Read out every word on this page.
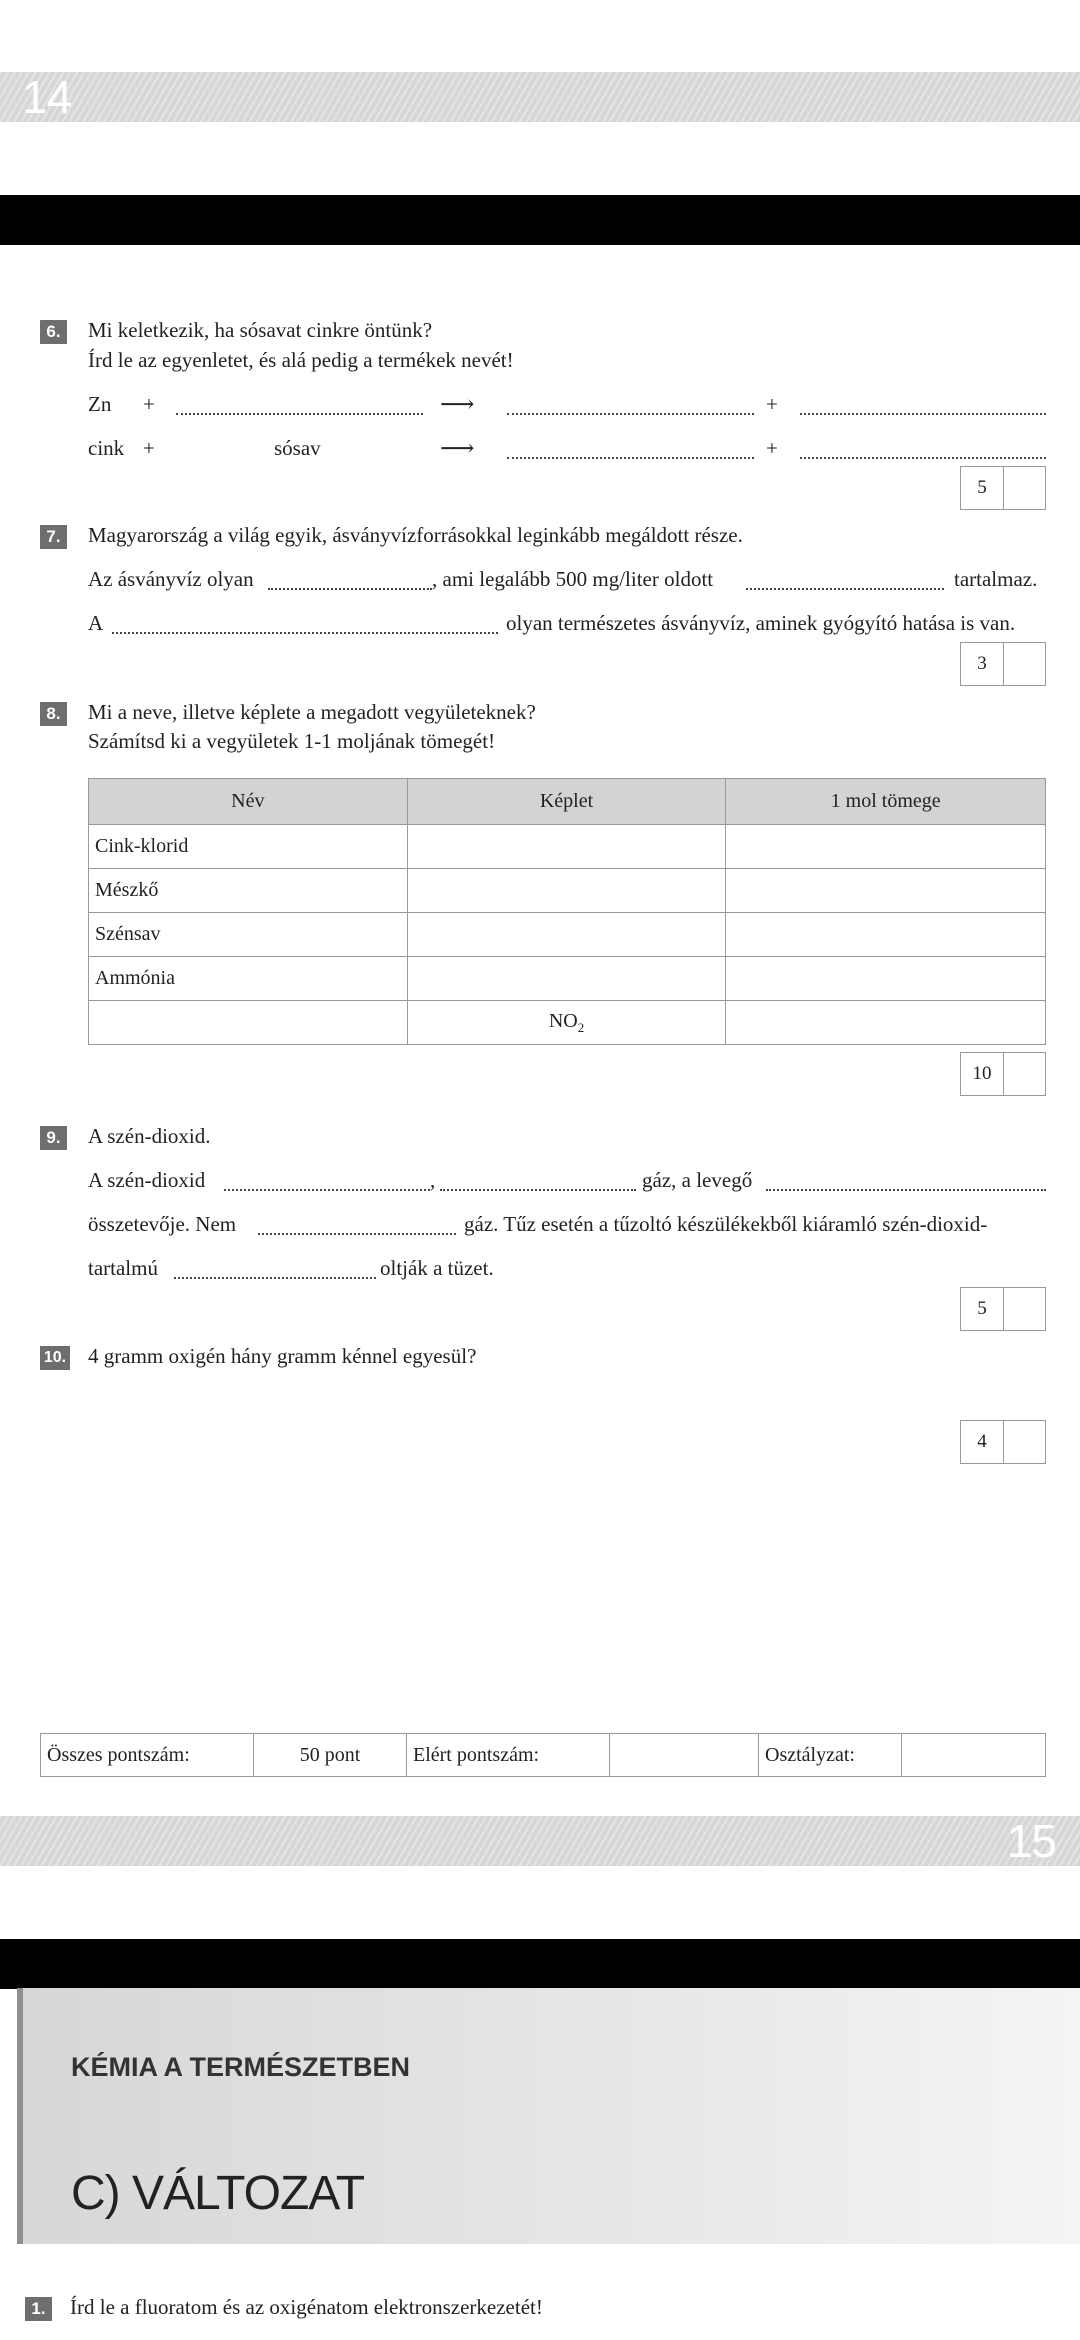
14
6.	Mi keletkezik, ha sósavat cinkre öntünk?
Írd le az egyenletet, és alá pedig a termékek nevét!
Zn +	⟶	+
cink +	sósav	⟶	+
5
7.	Magyarország a világ egyik, ásványvízforrásokkal leginkább megáldott része.
Az ásványvíz olyan	, ami legalább 500 mg/liter oldott	tartalmaz.
A	olyan természetes ásványvíz, aminek gyógyító hatása is van.
3
8.	Mi a neve, illetve képlete a megadott vegyületeknek?
Számítsd ki a vegyületek 1-1 moljának tömegét!
Név	Képlet	1 mol tömege
Cink-klorid		
Mészkő		
Szénsav		
Ammónia		
	$NO_2$	
10
9.	A szén-dioxid.
A szén-dioxid	,	gáz, a levegő
összetevője. Nem	gáz. Tűz esetén a tűzoltó készülékekből kiáramló szén-dioxid-
tartalmú	oltják a tüzet.
5
10. 4 gramm oxigén hány gramm kénnel egyesül?
4
Összes pontszám:	50 pont	Elért pontszám:		Osztályzat:	
15
KÉMIA A TERMÉSZETBEN
C) VÁLTOZAT
1.	Írd le a fluoratom és az oxigénatom elektronszerkezetét!
